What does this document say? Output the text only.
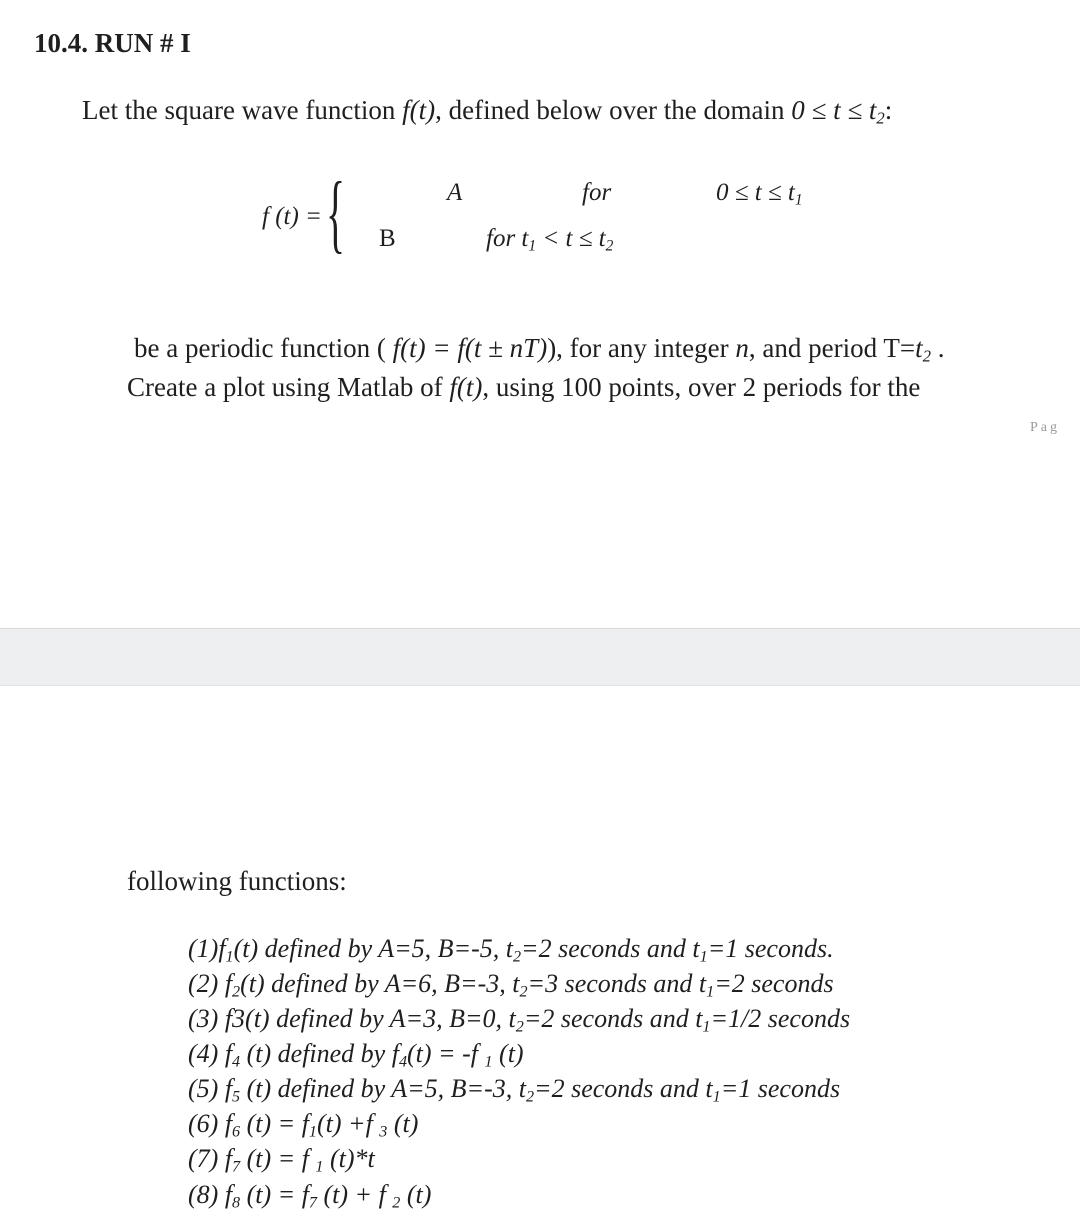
10.4. RUN # I
Let the square wave function f(t), defined below over the domain $0 \le t \le t_2$:
f (t) = {	A	for	$0 \le t \le t_1$
B	for $t_1 < t \le t_2$
be a periodic function ( f(t) = f(t ± nT)), for any integer n, and period $T=t_2$ .
Create a plot using Matlab of f(t), using 100 points, over 2 periods for the
Pag
following functions:
$(1)f_1(t)$ defined by A=5, B=-5, $t_2=2$ seconds and $t_1=1$ seconds.
(2) $f_2(t)$ defined by A=6, B=-3, $t_2=3$ seconds and $t_1=2$ seconds
(3) f3(t) defined by A=3, B=0, $t_2=2$ seconds and $t_1=1/2$ seconds
(4) $f_4$ (t) defined by $f_4(t) = -f$ $_1$ (t)
(5) $f_5$ (t) defined by A=5, B=-3, $t_2=2$ seconds and $t_1=1$ seconds
(6) $f_6$ $(t) = f_1(t) +f$ $_3$ (t)
(7) $f_7$ (t) = f $_1$ (t)*t
(8) $f_8$ $(t) = f_7$ (t) + f $_2$ (t)
